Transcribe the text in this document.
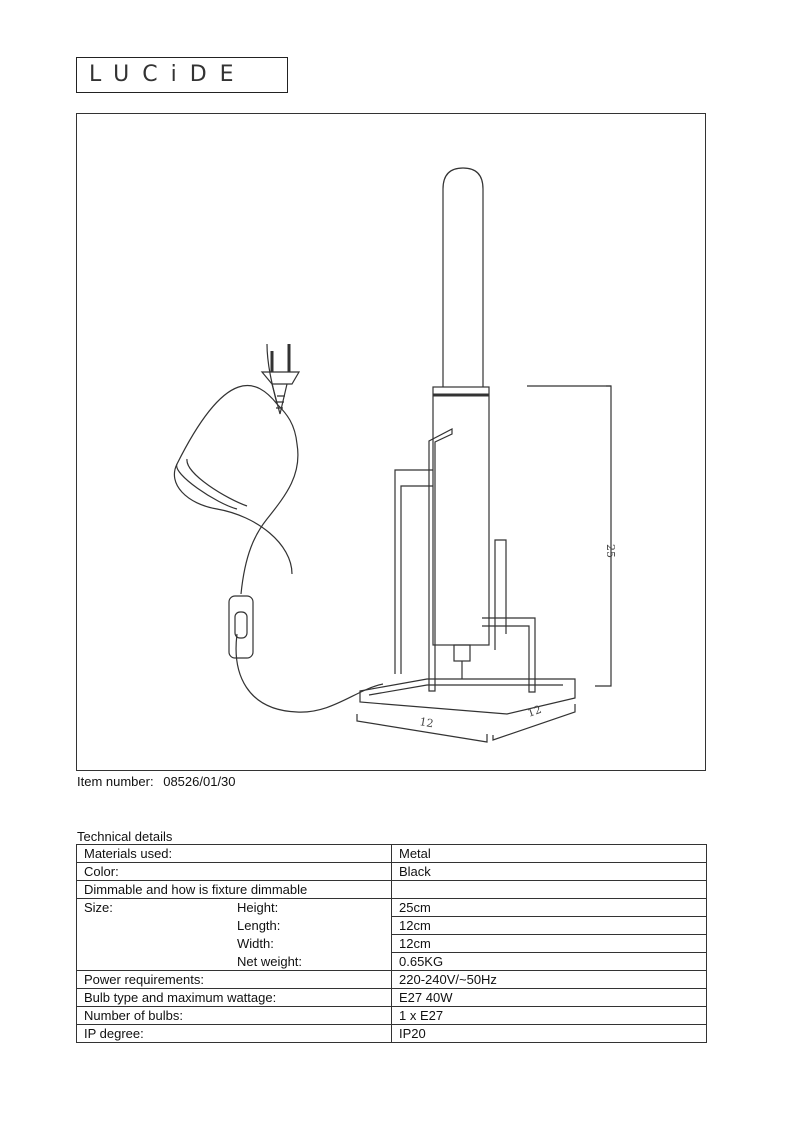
LUCiDE
25
12
12
Item number: 08526/01/30
Technical details
Materials used:	Metal
Color:	Black
Dimmable and how is fixture dimmable	
Size: Height:	25cm
Length:	12cm
Width:	12cm
Net weight:	0.65KG
Power requirements:	220-240V/~50Hz
Bulb type and maximum wattage:	E27 40W
Number of bulbs:	1 x E27
IP degree:	IP20
